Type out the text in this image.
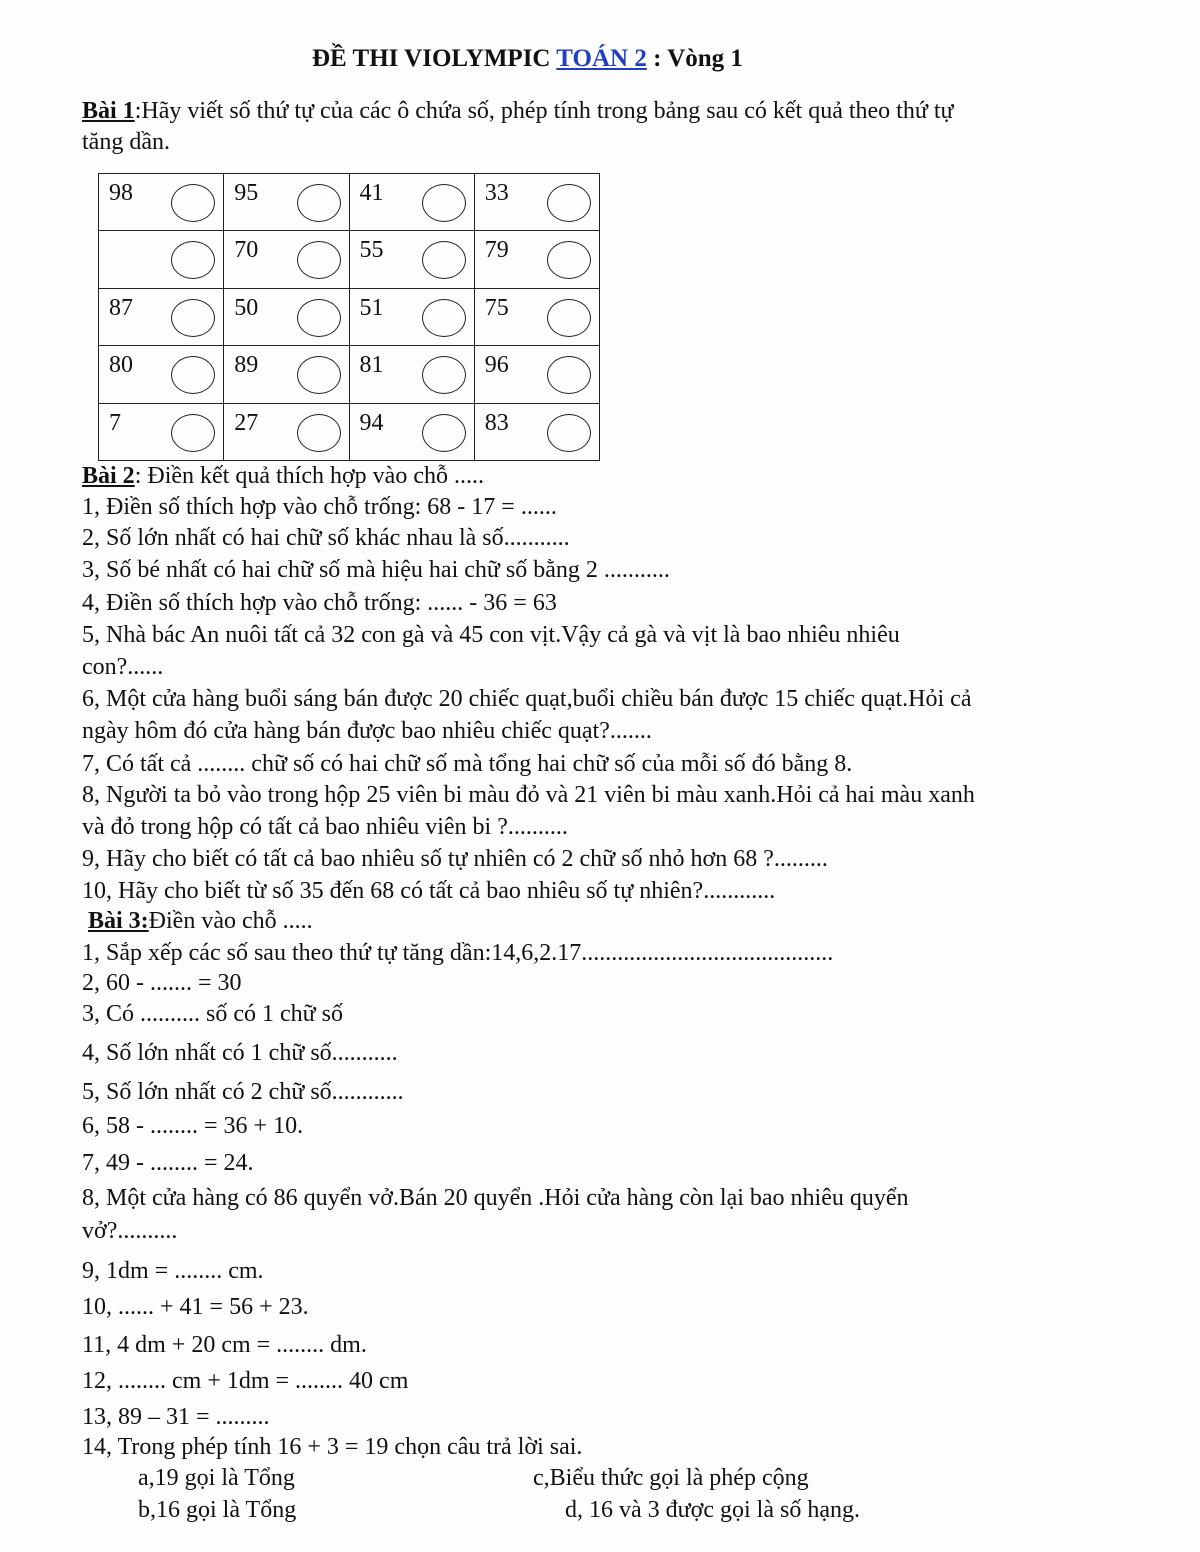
ĐỀ THI VIOLYMPIC TOÁN 2 : Vòng 1
Bài 1:Hãy viết số thứ tự của các ô chứa số, phép tính trong bảng sau có kết quả theo thứ tự
tăng dần.
98	95	41	33

	70	55	79

87	50	51	75

80	89	81	96

7	27	94	83
Bài 2: Điền kết quả thích hợp vào chỗ .....
1, Điền số thích hợp vào chỗ trống: 68 - 17 = ......
2, Số lớn nhất có hai chữ số khác nhau là số...........
3, Số bé nhất có hai chữ số mà hiệu hai chữ số bằng 2 ...........
4, Điền số thích hợp vào chỗ trống: ...... - 36 = 63
5, Nhà bác An nuôi tất cả 32 con gà và 45 con vịt.Vậy cả gà và vịt là bao nhiêu nhiêu
con?......
6, Một cửa hàng buổi sáng bán được 20 chiếc quạt,buổi chiều bán được 15 chiếc quạt.Hỏi cả
ngày hôm đó cửa hàng bán được bao nhiêu chiếc quạt?.......
7, Có tất cả ........ chữ số có hai chữ số mà tổng hai chữ số của mỗi số đó bằng 8.
8, Người ta bỏ vào trong hộp 25 viên bi màu đỏ và 21 viên bi màu xanh.Hỏi cả hai màu xanh
và đỏ trong hộp có tất cả bao nhiêu viên bi ?..........
9, Hãy cho biết có tất cả bao nhiêu số tự nhiên có 2 chữ số nhỏ hơn 68 ?.........
10, Hãy cho biết từ số 35 đến 68 có tất cả bao nhiêu số tự nhiên?............
Bài 3:Điền vào chỗ .....
1, Sắp xếp các số sau theo thứ tự tăng dần:14,6,2.17..........................................
2, 60 - ....... = 30
3, Có .......... số có 1 chữ số
4, Số lớn nhất có 1 chữ số...........
5, Số lớn nhất có 2 chữ số............
6, 58 - ........ = 36 + 10.
7, 49 - ........ = 24.
8, Một cửa hàng có 86 quyển vở.Bán 20 quyển .Hỏi cửa hàng còn lại bao nhiêu quyển
vở?..........
9, 1dm = ........ cm.
10, ...... + 41 = 56 + 23.
11, 4 dm + 20 cm = ........ dm.
12, ........ cm + 1dm = ........ 40 cm
13, 89 – 31 = .........
14, Trong phép tính 16 + 3 = 19 chọn câu trả lời sai.
a,19 gọi là Tổng	c,Biểu thức gọi là phép cộng
b,16 gọi là Tổng	d, 16 và 3 được gọi là số hạng.
